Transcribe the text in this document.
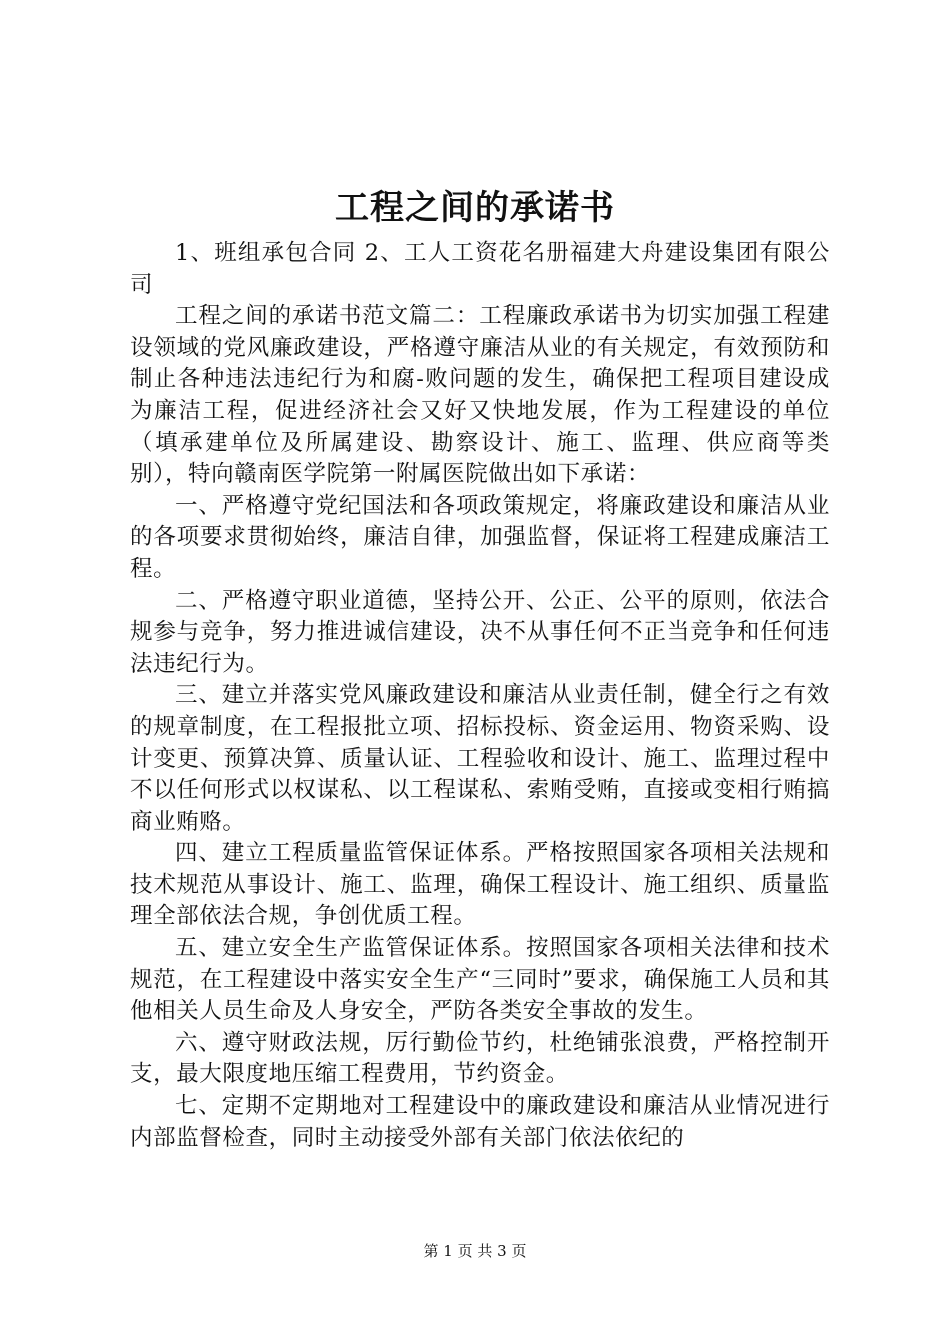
工程之间的承诺书

1、班组承包合同 2、工人工资花名册福建大舟建设集团有限公司

工程之间的承诺书范文篇二：工程廉政承诺书为切实加强工程建设领域的党风廉政建设，严格遵守廉洁从业的有关规定，有效预防和制止各种违法违纪行为和腐-败问题的发生，确保把工程项目建设成为廉洁工程，促进经济社会又好又快地发展，作为工程建设的单位（填承建单位及所属建设、勘察设计、施工、监理、供应商等类别），特向赣南医学院第一附属医院做出如下承诺：

一、严格遵守党纪国法和各项政策规定，将廉政建设和廉洁从业的各项要求贯彻始终，廉洁自律，加强监督，保证将工程建成廉洁工程。

二、严格遵守职业道德，坚持公开、公正、公平的原则，依法合规参与竞争，努力推进诚信建设，决不从事任何不正当竞争和任何违法违纪行为。

三、建立并落实党风廉政建设和廉洁从业责任制，健全行之有效的规章制度，在工程报批立项、招标投标、资金运用、物资采购、设计变更、预算决算、质量认证、工程验收和设计、施工、监理过程中不以任何形式以权谋私、以工程谋私、索贿受贿，直接或变相行贿搞商业贿赂。

四、建立工程质量监管保证体系。严格按照国家各项相关法规和技术规范从事设计、施工、监理，确保工程设计、施工组织、质量监理全部依法合规，争创优质工程。

五、建立安全生产监管保证体系。按照国家各项相关法律和技术规范，在工程建设中落实安全生产“三同时”要求，确保施工人员和其他相关人员生命及人身安全，严防各类安全事故的发生。

六、遵守财政法规，厉行勤俭节约，杜绝铺张浪费，严格控制开支，最大限度地压缩工程费用，节约资金。

七、定期不定期地对工程建设中的廉政建设和廉洁从业情况进行内部监督检查，同时主动接受外部有关部门依法依纪的

第 1 页 共 3 页
